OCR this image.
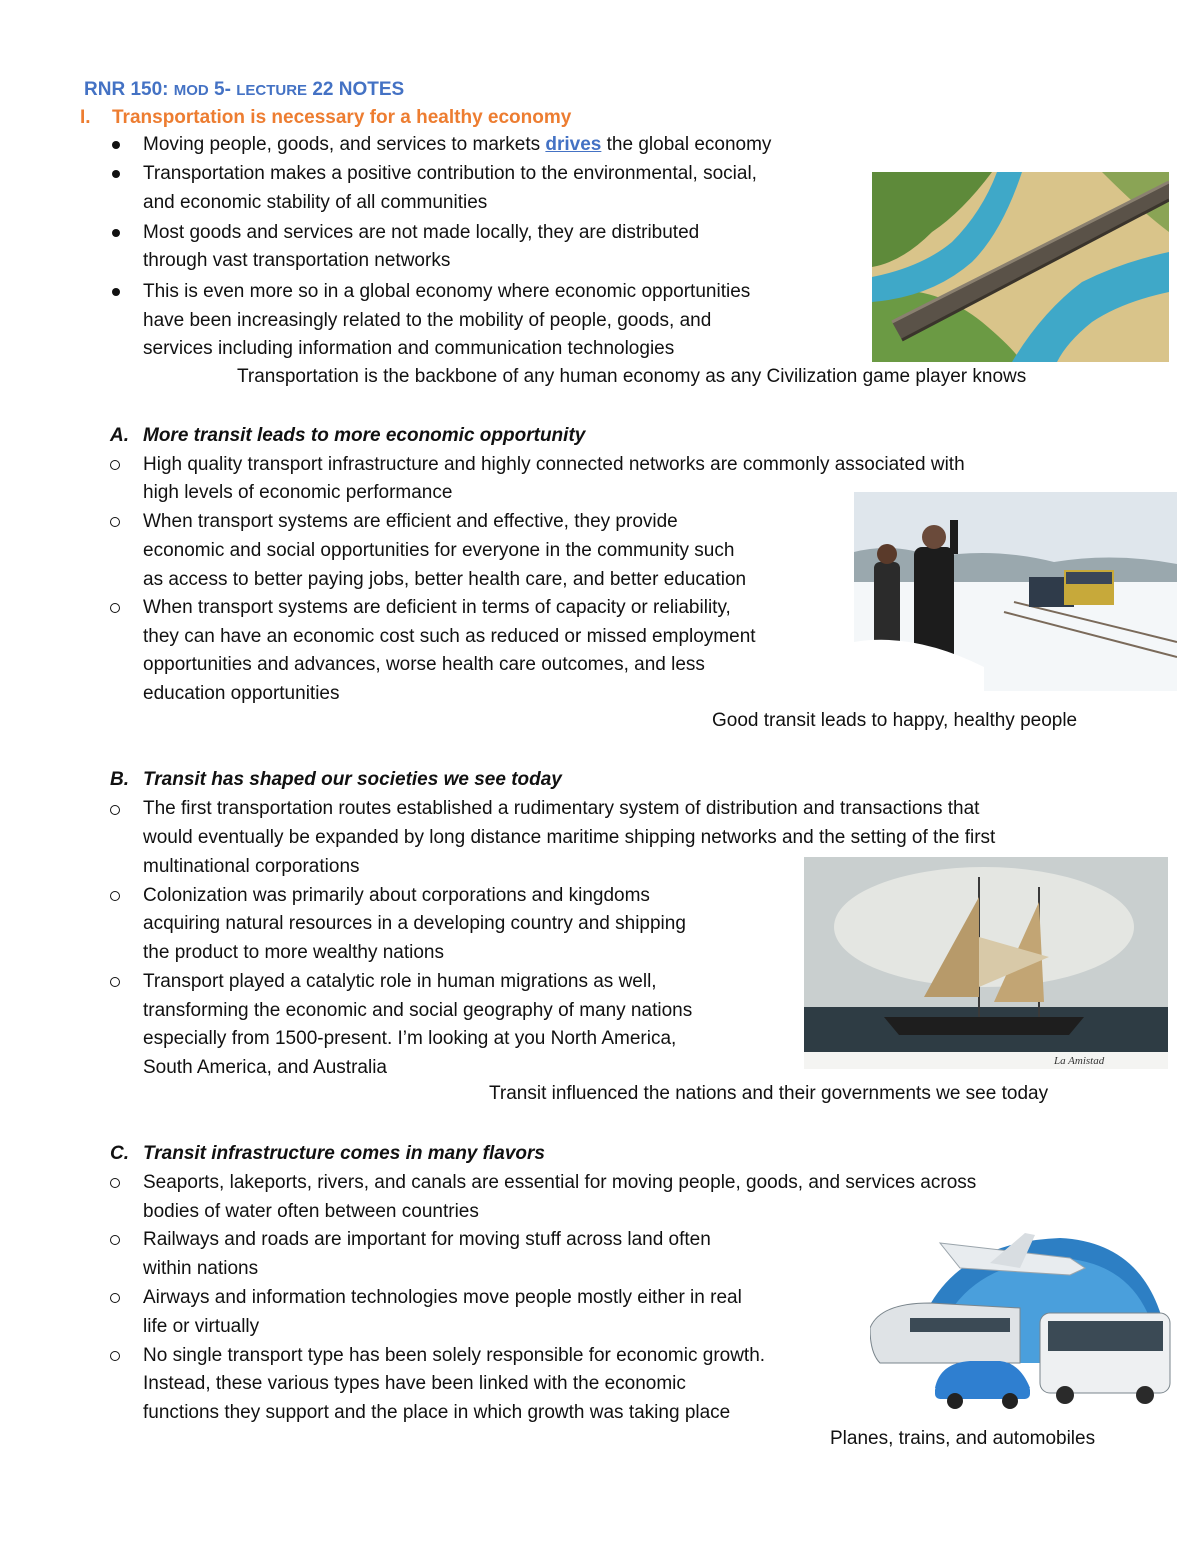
RNR 150: MOD 5- LECTURE 22 NOTES
I. Transportation is necessary for a healthy economy
Moving people, goods, and services to markets drives the global economy
Transportation makes a positive contribution to the environmental, social,
and economic stability of all communities
Most goods and services are not made locally, they are distributed
through vast transportation networks
This is even more so in a global economy where economic opportunities
have been increasingly related to the mobility of people, goods, and
services including information and communication technologies
Transportation is the backbone of any human economy as any Civilization game player knows
A. More transit leads to more economic opportunity
High quality transport infrastructure and highly connected networks are commonly associated with
high levels of economic performance
When transport systems are efficient and effective, they provide
economic and social opportunities for everyone in the community such
as access to better paying jobs, better health care, and better education
When transport systems are deficient in terms of capacity or reliability,
they can have an economic cost such as reduced or missed employment
opportunities and advances, worse health care outcomes, and less
education opportunities
Good transit leads to happy, healthy people
B. Transit has shaped our societies we see today
The first transportation routes established a rudimentary system of distribution and transactions that
would eventually be expanded by long distance maritime shipping networks and the setting of the first
multinational corporations
Colonization was primarily about corporations and kingdoms
acquiring natural resources in a developing country and shipping
the product to more wealthy nations
Transport played a catalytic role in human migrations as well,
transforming the economic and social geography of many nations
especially from 1500-present. I’m looking at you North America,
South America, and Australia	La Amistad
Transit influenced the nations and their governments we see today
C. Transit infrastructure comes in many flavors
Seaports, lakeports, rivers, and canals are essential for moving people, goods, and services across
bodies of water often between countries
Railways and roads are important for moving stuff across land often
within nations
Airways and information technologies move people mostly either in real
life or virtually
No single transport type has been solely responsible for economic growth.
Instead, these various types have been linked with the economic
functions they support and the place in which growth was taking place
Planes, trains, and automobiles
